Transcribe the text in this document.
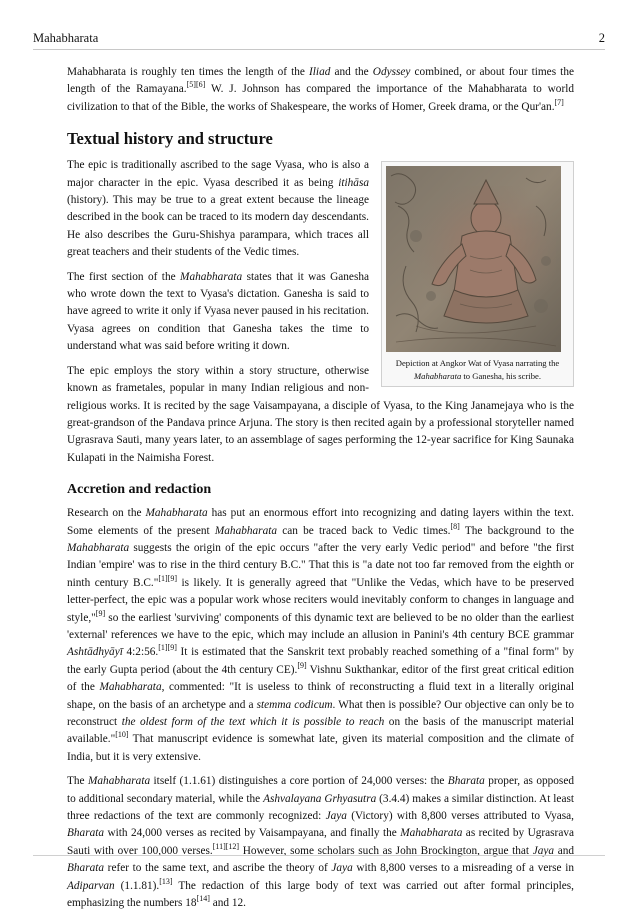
Mahabharata	2

Mahabharata is roughly ten times the length of the Iliad and the Odyssey combined, or about four times the length of the Ramayana.[5][6] W. J. Johnson has compared the importance of the Mahabharata to world civilization to that of the Bible, the works of Shakespeare, the works of Homer, Greek drama, or the Qur'an.[7]

Textual history and structure
Depiction at Angkor Wat of Vyasa narrating the Mahabharata to Ganesha, his scribe.

The epic is traditionally ascribed to the sage Vyasa, who is also a major character in the epic. Vyasa described it as being itihāsa (history). This may be true to a great extent because the lineage described in the book can be traced to its modern day descendants. He also describes the Guru-Shishya parampara, which traces all great teachers and their students of the Vedic times.

The first section of the Mahabharata states that it was Ganesha who wrote down the text to Vyasa's dictation. Ganesha is said to have agreed to write it only if Vyasa never paused in his recitation. Vyasa agrees on condition that Ganesha takes the time to understand what was said before writing it down.

The epic employs the story within a story structure, otherwise known as frametales, popular in many Indian religious and non-religious works. It is recited by the sage Vaisampayana, a disciple of Vyasa, to the King Janamejaya who is the great-grandson of the Pandava prince Arjuna. The story is then recited again by a professional storyteller named Ugrasrava Sauti, many years later, to an assemblage of sages performing the 12-year sacrifice for King Saunaka Kulapati in the Naimisha Forest.

Accretion and redaction

Research on the Mahabharata has put an enormous effort into recognizing and dating layers within the text. Some elements of the present Mahabharata can be traced back to Vedic times.[8] The background to the Mahabharata suggests the origin of the epic occurs "after the very early Vedic period" and before "the first Indian 'empire' was to rise in the third century B.C." That this is "a date not too far removed from the eighth or ninth century B.C."[1][9] is likely. It is generally agreed that "Unlike the Vedas, which have to be preserved letter-perfect, the epic was a popular work whose reciters would inevitably conform to changes in language and style,"[9] so the earliest 'surviving' components of this dynamic text are believed to be no older than the earliest 'external' references we have to the epic, which may include an allusion in Panini's 4th century BCE grammar Ashtādhyāyī 4:2:56.[1][9] It is estimated that the Sanskrit text probably reached something of a "final form" by the early Gupta period (about the 4th century CE).[9] Vishnu Sukthankar, editor of the first great critical edition of the Mahabharata, commented: "It is useless to think of reconstructing a fluid text in a literally original shape, on the basis of an archetype and a stemma codicum. What then is possible? Our objective can only be to reconstruct the oldest form of the text which it is possible to reach on the basis of the manuscript material available."[10] That manuscript evidence is somewhat late, given its material composition and the climate of India, but it is very extensive.

The Mahabharata itself (1.1.61) distinguishes a core portion of 24,000 verses: the Bharata proper, as opposed to additional secondary material, while the Ashvalayana Grhyasutra (3.4.4) makes a similar distinction. At least three redactions of the text are commonly recognized: Jaya (Victory) with 8,800 verses attributed to Vyasa, Bharata with 24,000 verses as recited by Vaisampayana, and finally the Mahabharata as recited by Ugrasrava Sauti with over 100,000 verses.[11][12] However, some scholars such as John Brockington, argue that Jaya and Bharata refer to the same text, and ascribe the theory of Jaya with 8,800 verses to a misreading of a verse in Adiparvan (1.1.81).[13] The redaction of this large body of text was carried out after formal principles, emphasizing the numbers 18[14] and 12.
